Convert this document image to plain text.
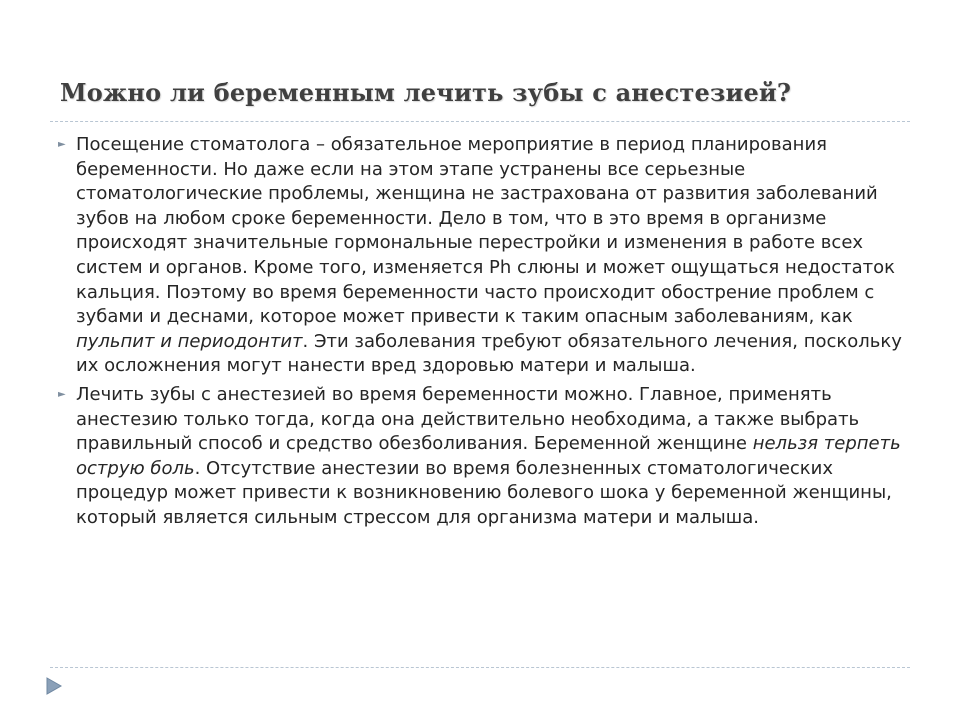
Можно ли беременным лечить зубы с анестезией?
► Посещение стоматолога – обязательное мероприятие в период планирования беременности. Но даже если на этом этапе устранены все серьезные стоматологические проблемы, женщина не застрахована от развития заболеваний зубов на любом сроке беременности. Дело в том, что в это время в организме происходят значительные гормональные перестройки и изменения в работе всех систем и органов. Кроме того, изменяется Ph слюны и может ощущаться недостаток кальция. Поэтому во время беременности часто происходит обострение проблем с зубами и деснами, которое может привести к таким опасным заболеваниям, как пульпит и периодонтит. Эти заболевания требуют обязательного лечения, поскольку их осложнения могут нанести вред здоровью матери и малыша.
► Лечить зубы с анестезией во время беременности можно. Главное, применять анестезию только тогда, когда она действительно необходима, а также выбрать правильный способ и средство обезболивания. Беременной женщине нельзя терпеть острую боль. Отсутствие анестезии во время болезненных стоматологических процедур может привести к возникновению болевого шока у беременной женщины, который является сильным стрессом для организма матери и малыша.
